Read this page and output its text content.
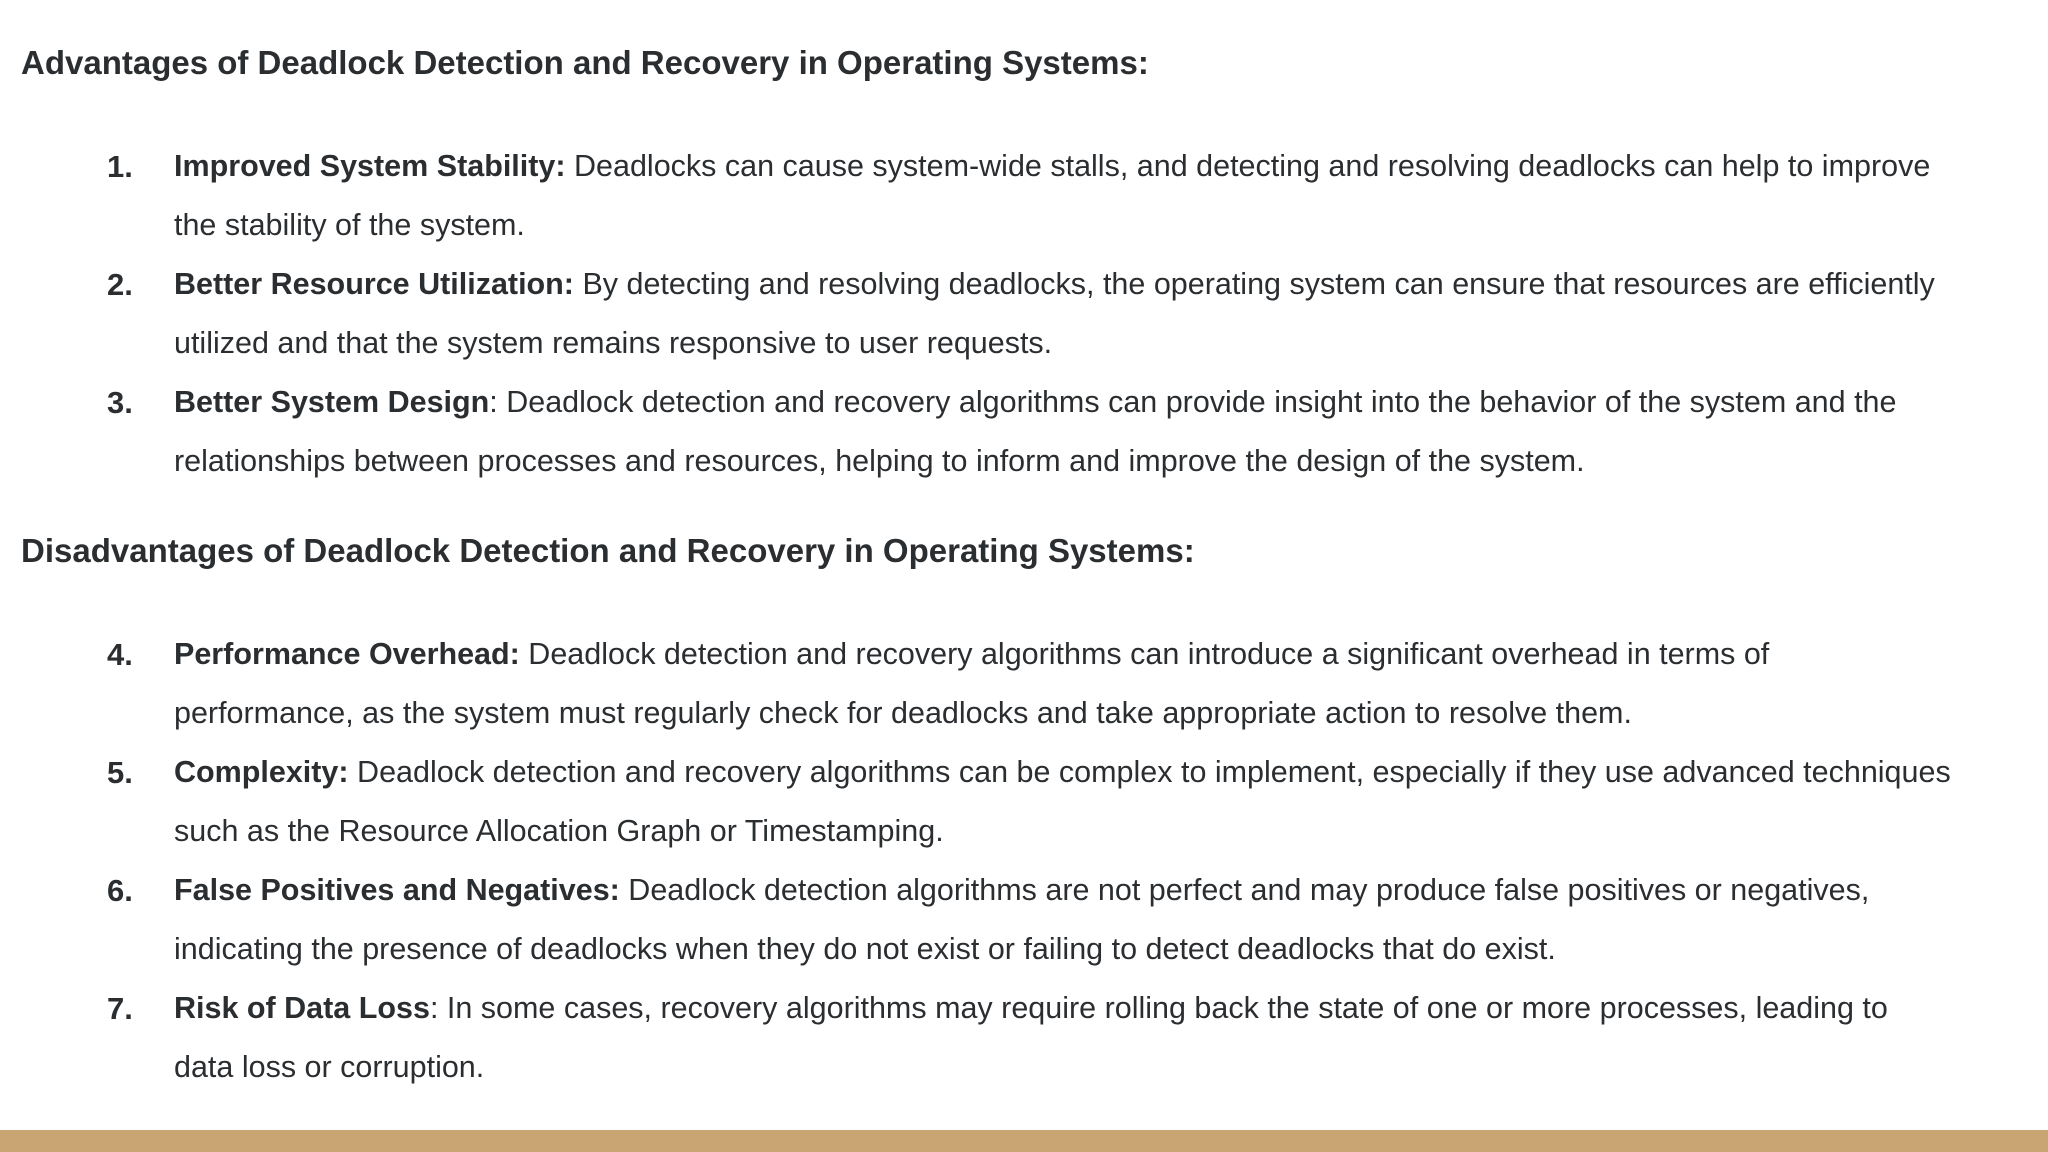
Advantages of Deadlock Detection and Recovery in Operating Systems:
1. Improved System Stability: Deadlocks can cause system-wide stalls, and detecting and resolving deadlocks can help to improve the stability of the system.
2. Better Resource Utilization: By detecting and resolving deadlocks, the operating system can ensure that resources are efficiently utilized and that the system remains responsive to user requests.
3. Better System Design: Deadlock detection and recovery algorithms can provide insight into the behavior of the system and the relationships between processes and resources, helping to inform and improve the design of the system.
Disadvantages of Deadlock Detection and Recovery in Operating Systems:
4. Performance Overhead: Deadlock detection and recovery algorithms can introduce a significant overhead in terms of performance, as the system must regularly check for deadlocks and take appropriate action to resolve them.
5. Complexity: Deadlock detection and recovery algorithms can be complex to implement, especially if they use advanced techniques such as the Resource Allocation Graph or Timestamping.
6. False Positives and Negatives: Deadlock detection algorithms are not perfect and may produce false positives or negatives, indicating the presence of deadlocks when they do not exist or failing to detect deadlocks that do exist.
7. Risk of Data Loss: In some cases, recovery algorithms may require rolling back the state of one or more processes, leading to data loss or corruption.
